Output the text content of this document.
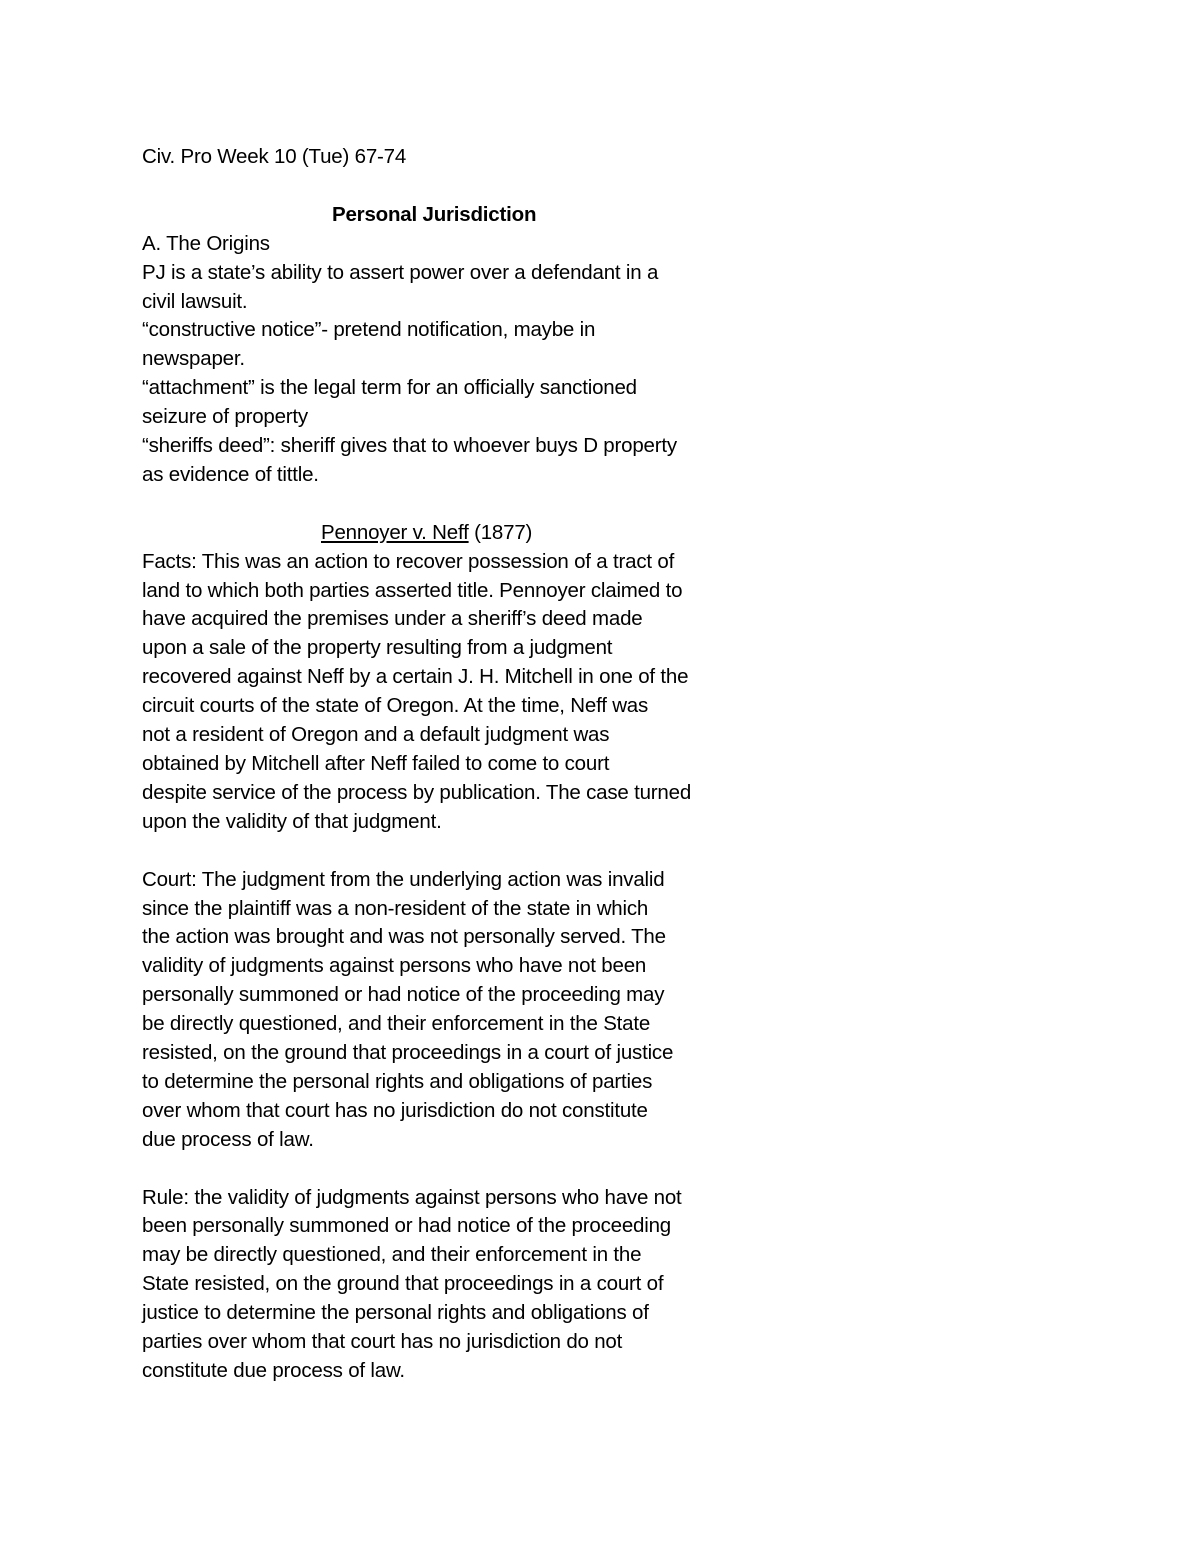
Civ. Pro Week 10 (Tue) 67-74
Personal Jurisdiction
A. The Origins
PJ is a state’s ability to assert power over a defendant in a
civil lawsuit.
“constructive notice”- pretend notification, maybe in
newspaper.
“attachment” is the legal term for an officially sanctioned
seizure of property
“sheriffs deed”: sheriff gives that to whoever buys D property
as evidence of tittle.
Pennoyer v. Neff (1877)
Facts: This was an action to recover possession of a tract of
land to which both parties asserted title. Pennoyer claimed to
have acquired the premises under a sheriff’s deed made
upon a sale of the property resulting from a judgment
recovered against Neff by a certain J. H. Mitchell in one of the
circuit courts of the state of Oregon. At the time, Neff was
not a resident of Oregon and a default judgment was
obtained by Mitchell after Neff failed to come to court
despite service of the process by publication. The case turned
upon the validity of that judgment.
Court: The judgment from the underlying action was invalid
since the plaintiff was a non-resident of the state in which
the action was brought and was not personally served. The
validity of judgments against persons who have not been
personally summoned or had notice of the proceeding may
be directly questioned, and their enforcement in the State
resisted, on the ground that proceedings in a court of justice
to determine the personal rights and obligations of parties
over whom that court has no jurisdiction do not constitute
due process of law.
Rule: the validity of judgments against persons who have not
been personally summoned or had notice of the proceeding
may be directly questioned, and their enforcement in the
State resisted, on the ground that proceedings in a court of
justice to determine the personal rights and obligations of
parties over whom that court has no jurisdiction do not
constitute due process of law.
